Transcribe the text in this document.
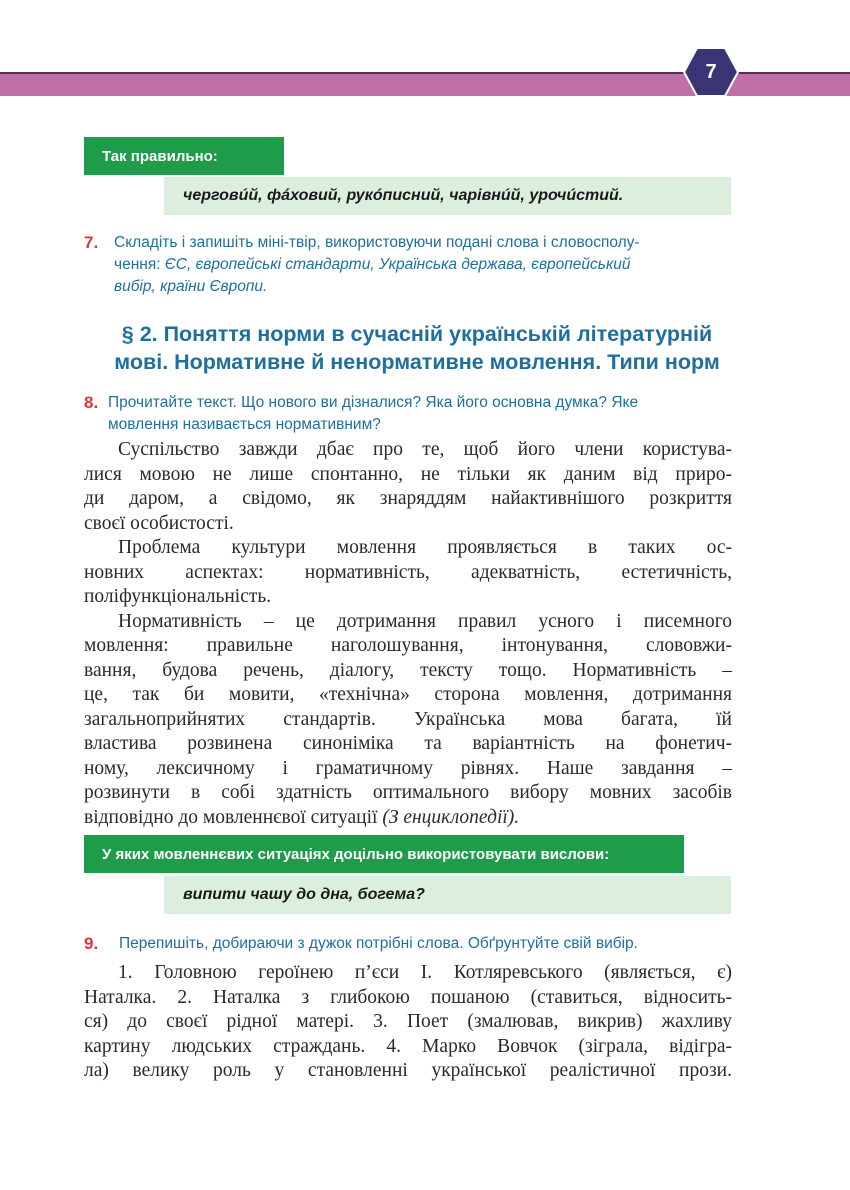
7
Так правильно:
черговúй, фáховий, рукóписний, чарівнúй, урочúстий.
7. Складіть і запишіть міні-твір, використовуючи подані слова і словосполу-
чення: ЄС, європейські стандарти, Українська держава, європейський
вибір, країни Європи.
§ 2. Поняття норми в сучасній українській літературній
мові. Нормативне й ненормативне мовлення. Типи норм
8. Прочитайте текст. Що нового ви дізналися? Яка його основна думка? Яке
мовлення називається нормативним?
Суспільство завжди дбає про те, щоб його члени користува-
лися мовою не лише спонтанно, не тільки як даним від приро-
ди даром, а свідомо, як знаряддям найактивнішого розкриття
своєї особистості.
Проблема культури мовлення проявляється в таких ос-
новних аспектах: нормативність, адекватність, естетичність,
поліфункціональність.
Нормативність – це дотримання правил усного і писемного
мовлення: правильне наголошування, інтонування, слововжи-
вання, будова речень, діалогу, тексту тощо. Нормативність –
це, так би мовити, «технічна» сторона мовлення, дотримання
загальноприйнятих стандартів. Українська мова багата, їй
властива розвинена синоніміка та варіантність на фонетич-
ному, лексичному і граматичному рівнях. Наше завдання –
розвинути в собі здатність оптимального вибору мовних засобів
відповідно до мовленнєвої ситуації (З енциклопедії).
У яких мовленнєвих ситуаціях доцільно використовувати вислови:
випити чашу до дна, богема?
9. Перепишіть, добираючи з дужок потрібні слова. Обґрунтуйте свій вибір.
1. Головною героїнею п’єси І. Котляревського (являється, є)
Наталка. 2. Наталка з глибокою пошаною (ставиться, відносить-
ся) до своєї рідної матері. 3. Поет (змалював, викрив) жахливу
картину людських страждань. 4. Марко Вовчок (зіграла, відігра-
ла) велику роль у становленні української реалістичної прози.
